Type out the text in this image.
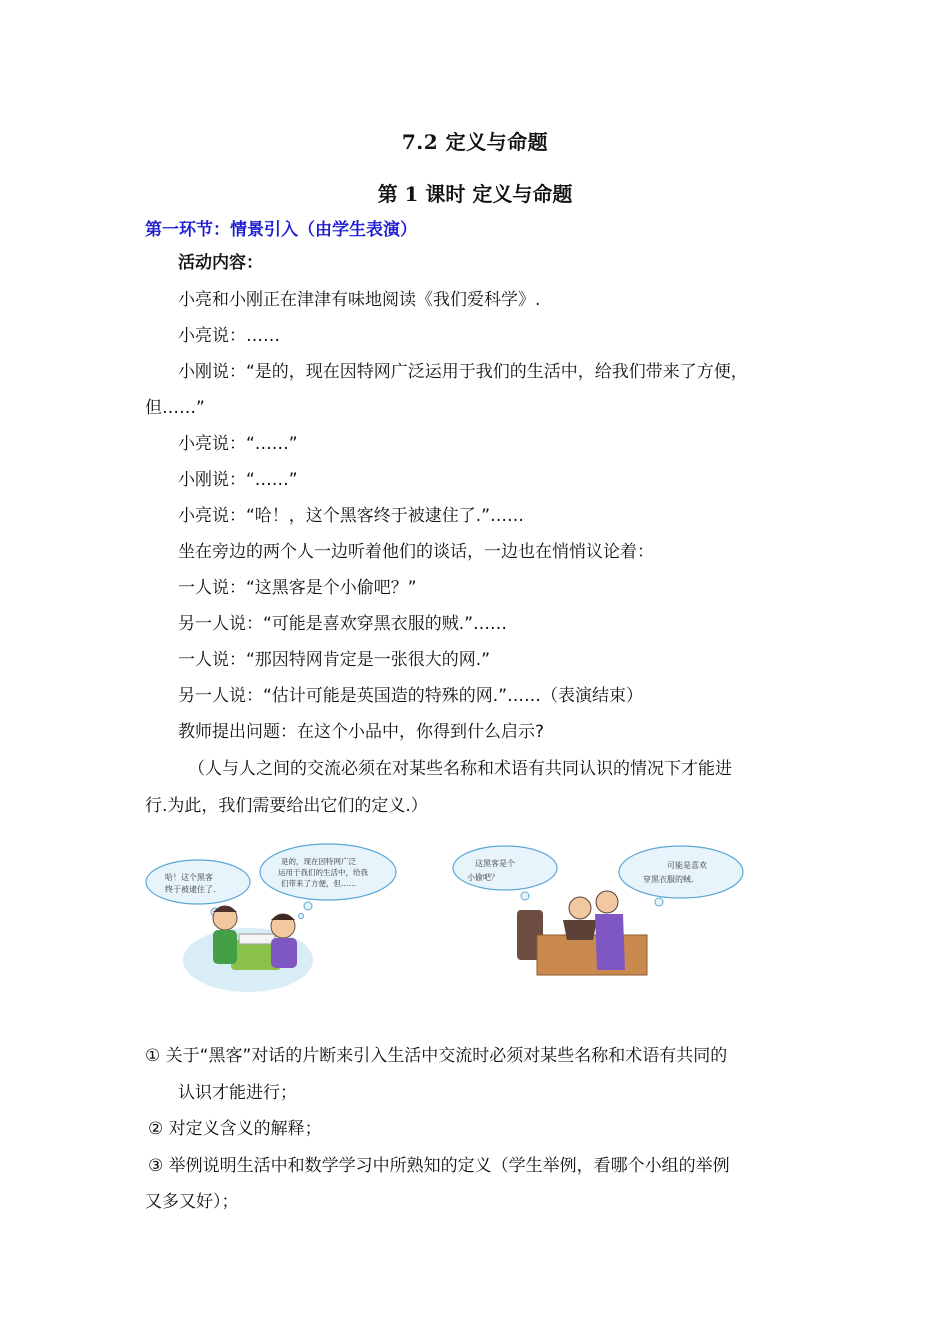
7.2 定义与命题
第 1 课时 定义与命题
第一环节：情景引入（由学生表演）
活动内容：
小亮和小刚正在津津有味地阅读《我们爱科学》.
小亮说：……
小刚说：“是的，现在因特网广泛运用于我们的生活中，给我们带来了方便，
但……”
小亮说：“……”
小刚说：“……”
小亮说：“哈！，这个黑客终于被逮住了.”……
坐在旁边的两个人一边听着他们的谈话，一边也在悄悄议论着：
一人说：“这黑客是个小偷吧？”
另一人说：“可能是喜欢穿黑衣服的贼.”……
一人说：“那因特网肯定是一张很大的网.”
另一人说：“估计可能是英国造的特殊的网.”……（表演结束）
教师提出问题：在这个小品中，你得到什么启示?
（人与人之间的交流必须在对某些名称和术语有共同认识的情况下才能进
行.为此，我们需要给出它们的定义.）
哈！这个黑客终于被逮住了.
是的，现在因特网广泛运用于我们的生活中，给我们带来了方便，但……
这黑客是个小偷吧？
可能是喜欢穿黑衣服的贼.
① 关于“黑客”对话的片断来引入生活中交流时必须对某些名称和术语有共同的
认识才能进行；
② 对定义含义的解释；
③ 举例说明生活中和数学学习中所熟知的定义（学生举例，看哪个小组的举例
又多又好）；
